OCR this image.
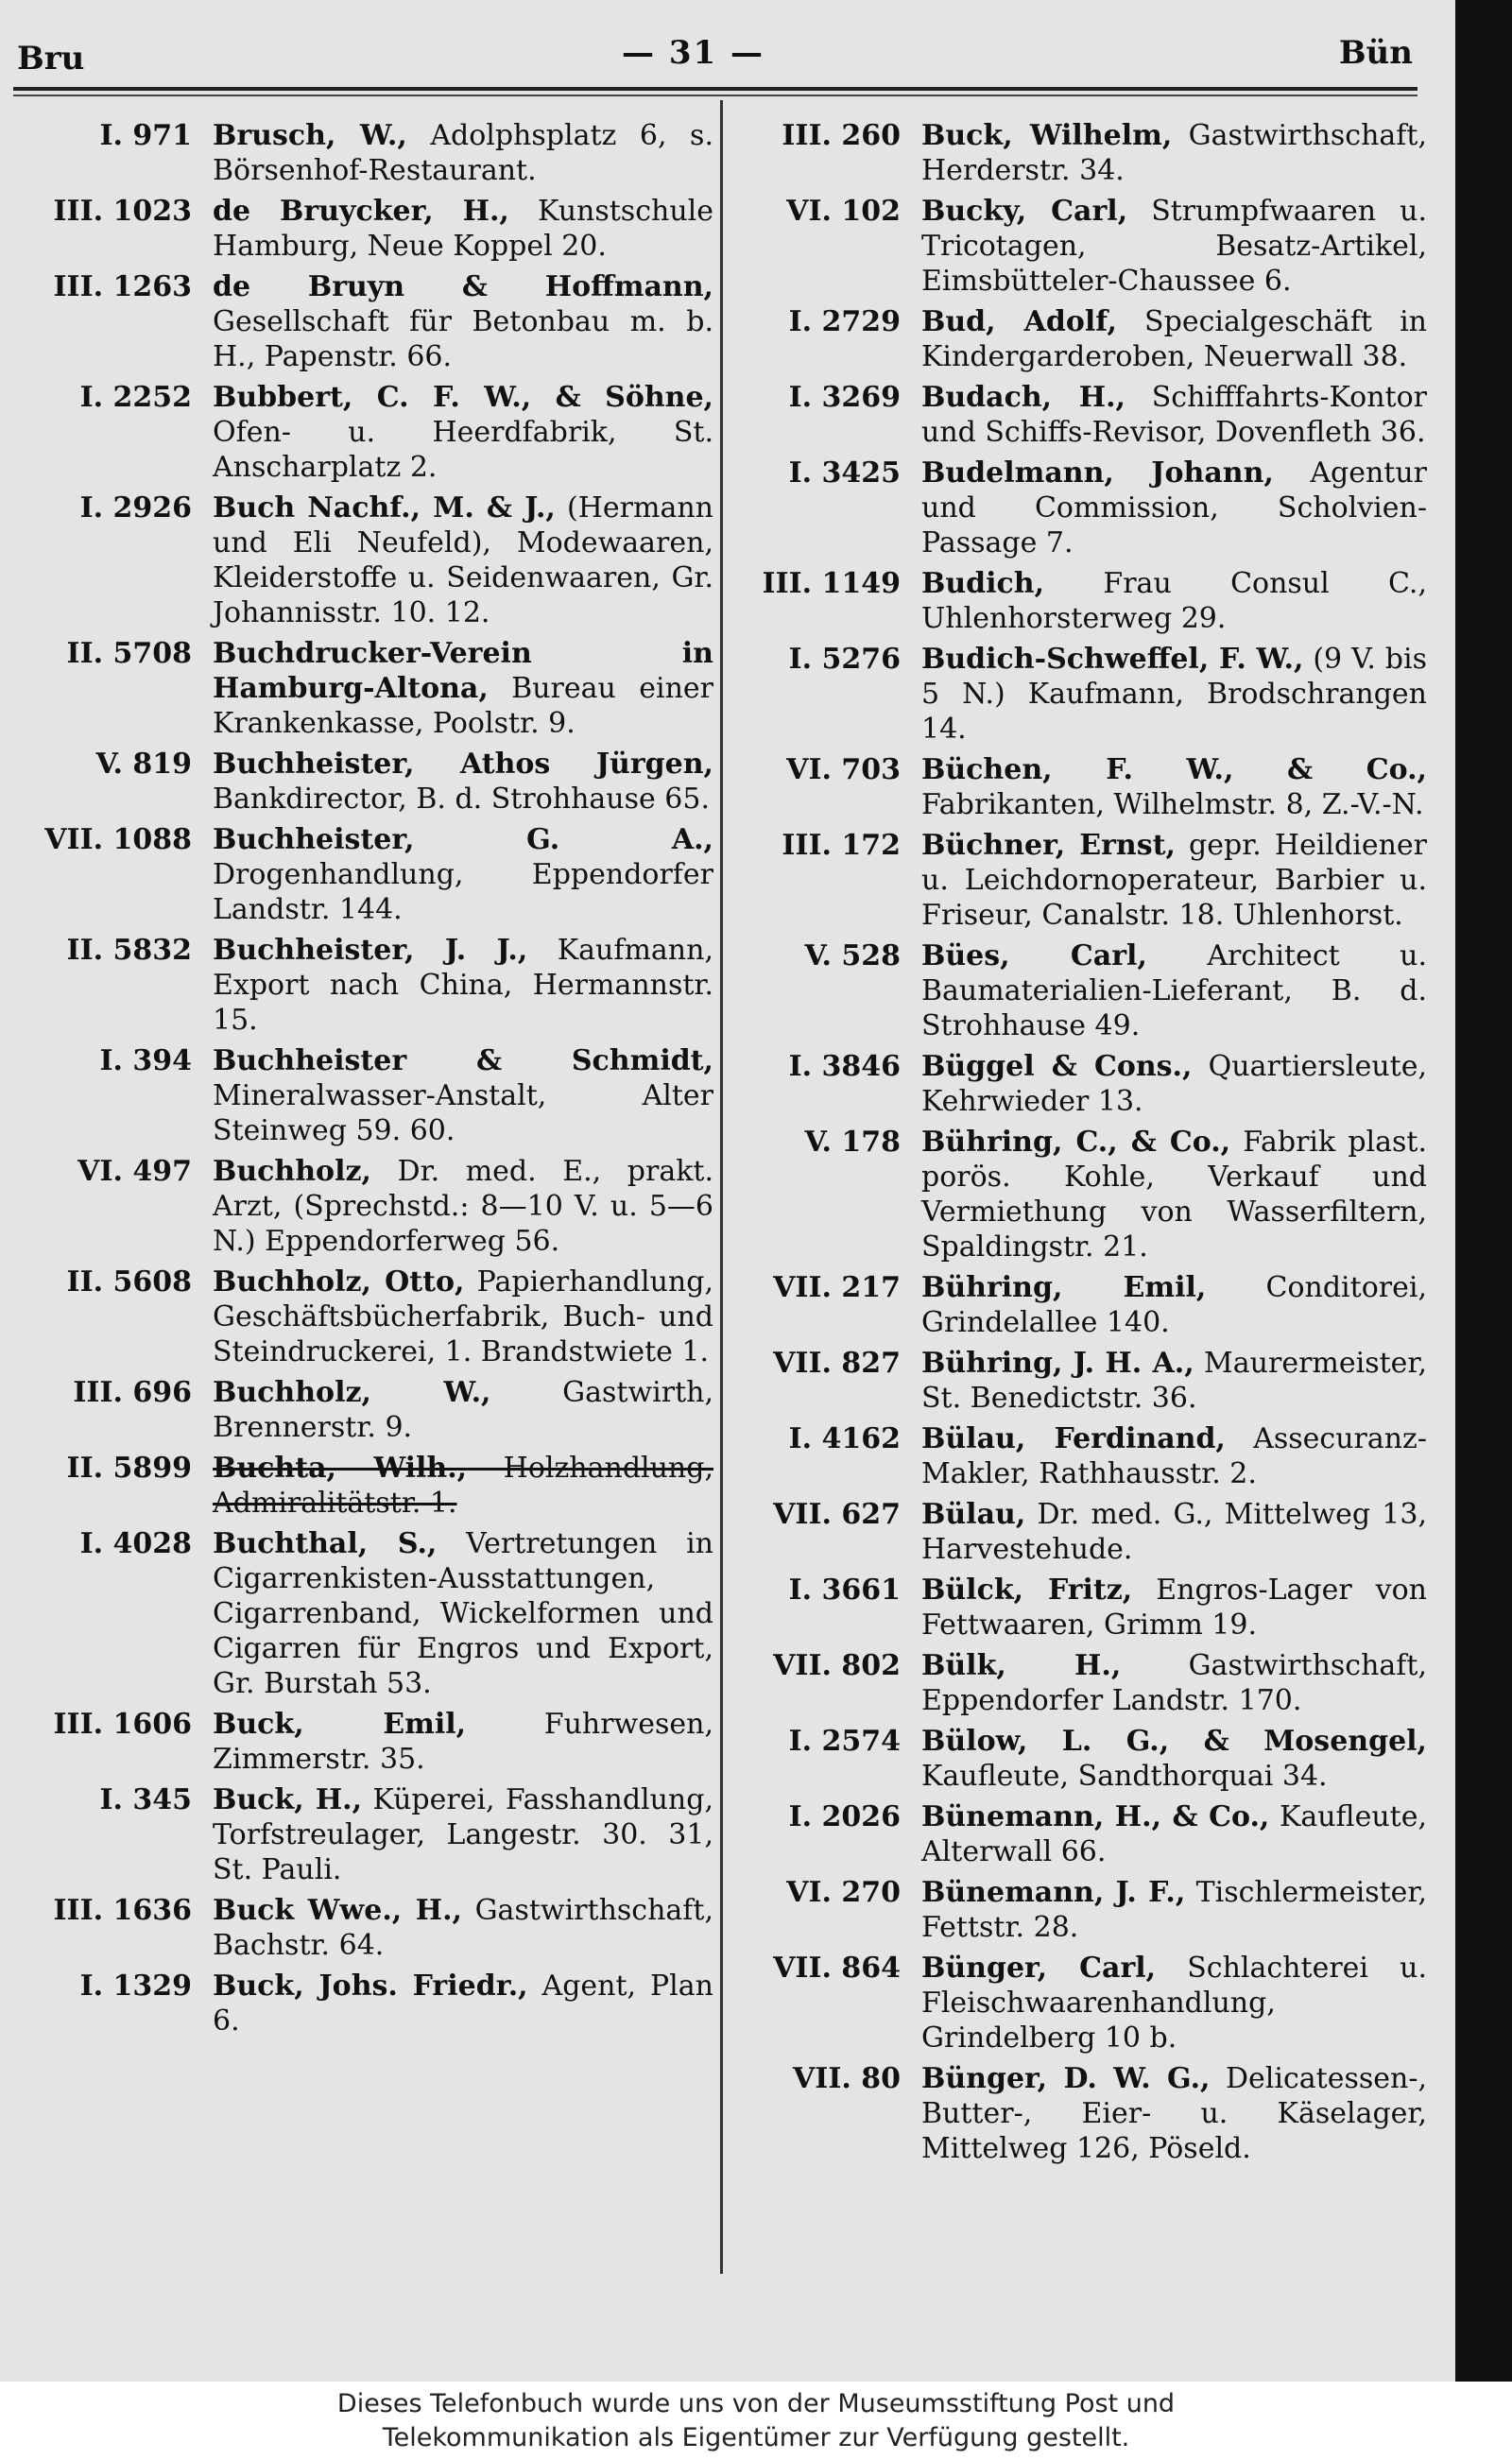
Bru	— 31 —	Bün
I. 971 Brusch, W., Adolphsplatz 6, s. Börsenhof-Restaurant.
III. 1023 de Bruycker, H., Kunstschule Hamburg, Neue Koppel 20.
III. 1263 de Bruyn & Hoffmann, Gesellschaft für Betonbau m. b. H., Papenstr. 66.
I. 2252 Bubbert, C. F. W., & Söhne, Ofen- u. Heerdfabrik, St. Anscharplatz 2.
I. 2926 Buch Nachf., M. & J., (Hermann und Eli Neufeld), Modewaaren, Kleiderstoffe u. Seidenwaaren, Gr. Johannisstr. 10. 12.
II. 5708 Buchdrucker-Verein in Hamburg-Altona, Bureau einer Krankenkasse, Poolstr. 9.
V. 819 Buchheister, Athos Jürgen, Bankdirector, B. d. Strohhause 65.
VII. 1088 Buchheister, G. A., Drogenhandlung, Eppendorfer Landstr. 144.
II. 5832 Buchheister, J. J., Kaufmann, Export nach China, Hermannstr. 15.
I. 394 Buchheister & Schmidt, Mineralwasser-Anstalt, Alter Steinweg 59. 60.
VI. 497 Buchholz, Dr. med. E., prakt. Arzt, (Sprechstd.: 8—10 V. u. 5—6 N.) Eppendorferweg 56.
II. 5608 Buchholz, Otto, Papierhandlung, Geschäftsbücherfabrik, Buch- und Steindruckerei, 1. Brandstwiete 1.
III. 696 Buchholz, W., Gastwirth, Brennerstr. 9.
II. 5899 Buchta, Wilh., Holzhandlung, Admiralitätstr. 1.
I. 4028 Buchthal, S., Vertretungen in Cigarrenkisten-Ausstattungen, Cigarrenband, Wickelformen und Cigarren für Engros und Export, Gr. Burstah 53.
III. 1606 Buck, Emil, Fuhrwesen, Zimmerstr. 35.
I. 345 Buck, H., Küperei, Fasshandlung, Torfstreulager, Langestr. 30. 31, St. Pauli.
III. 1636 Buck Wwe., H., Gastwirthschaft, Bachstr. 64.
I. 1329 Buck, Johs. Friedr., Agent, Plan 6.
III. 260 Buck, Wilhelm, Gastwirthschaft, Herderstr. 34.
VI. 102 Bucky, Carl, Strumpfwaaren u. Tricotagen, Besatz-Artikel, Eimsbütteler-Chaussee 6.
I. 2729 Bud, Adolf, Specialgeschäft in Kindergarderoben, Neuerwall 38.
I. 3269 Budach, H., Schifffahrts-Kontor und Schiffs-Revisor, Dovenfleth 36.
I. 3425 Budelmann, Johann, Agentur und Commission, Scholvien-Passage 7.
III. 1149 Budich, Frau Consul C., Uhlenhorsterweg 29.
I. 5276 Budich-Schweffel, F. W., (9 V. bis 5 N.) Kaufmann, Brodschrangen 14.
VI. 703 Büchen, F. W., & Co., Fabrikanten, Wilhelmstr. 8, Z.-V.-N.
III. 172 Büchner, Ernst, gepr. Heildiener u. Leichdornoperateur, Barbier u. Friseur, Canalstr. 18. Uhlenhorst.
V. 528 Bües, Carl, Architect u. Baumaterialien-Lieferant, B. d. Strohhause 49.
I. 3846 Büggel & Cons., Quartiersleute, Kehrwieder 13.
V. 178 Bühring, C., & Co., Fabrik plast. porös. Kohle, Verkauf und Vermiethung von Wasserfiltern, Spaldingstr. 21.
VII. 217 Bühring, Emil, Conditorei, Grindelallee 140.
VII. 827 Bühring, J. H. A., Maurermeister, St. Benedictstr. 36.
I. 4162 Bülau, Ferdinand, Assecuranz-Makler, Rathhausstr. 2.
VII. 627 Bülau, Dr. med. G., Mittelweg 13, Harvestehude.
I. 3661 Bülck, Fritz, Engros-Lager von Fettwaaren, Grimm 19.
VII. 802 Bülk, H., Gastwirthschaft, Eppendorfer Landstr. 170.
I. 2574 Bülow, L. G., & Mosengel, Kaufleute, Sandthorquai 34.
I. 2026 Bünemann, H., & Co., Kaufleute, Alterwall 66.
VI. 270 Bünemann, J. F., Tischlermeister, Fettstr. 28.
VII. 864 Bünger, Carl, Schlachterei u. Fleischwaarenhandlung, Grindelberg 10 b.
VII. 80 Bünger, D. W. G., Delicatessen-, Butter-, Eier- u. Käselager, Mittelweg 126, Pöseld.
Dieses Telefonbuch wurde uns von der Museumsstiftung Post und
Telekommunikation als Eigentümer zur Verfügung gestellt.
